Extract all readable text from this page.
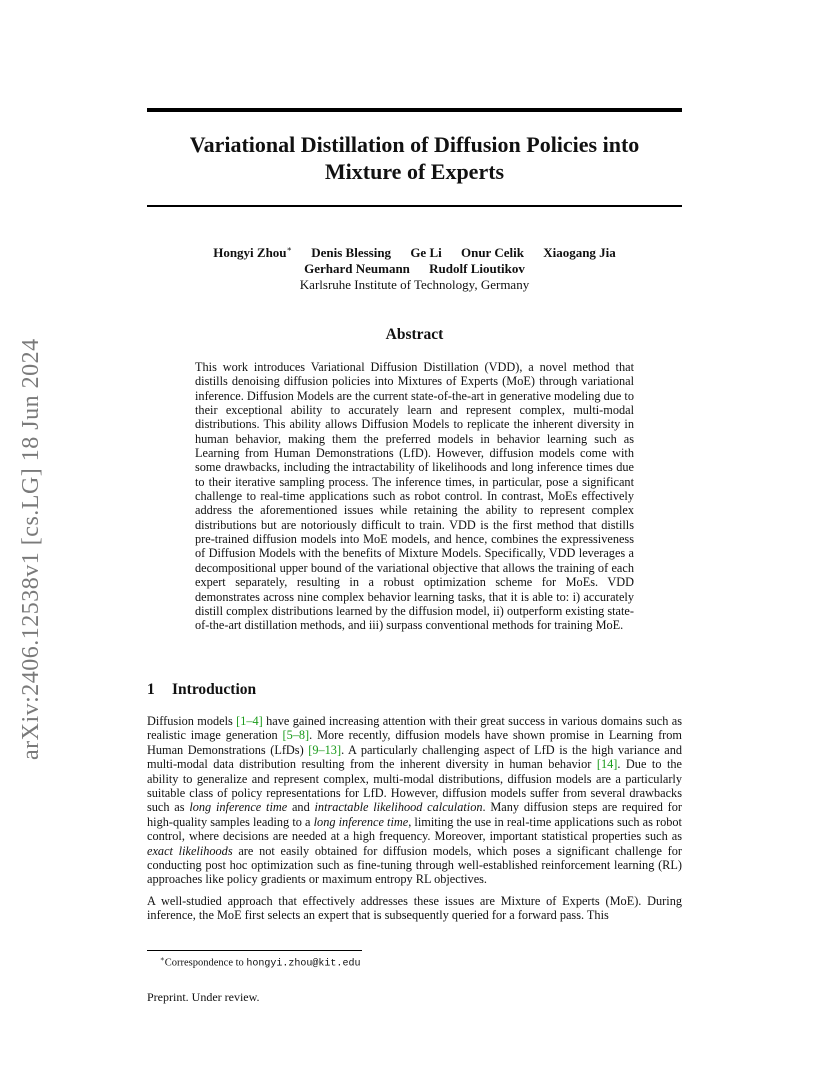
arXiv:2406.12538v1 [cs.LG] 18 Jun 2024
Variational Distillation of Diffusion Policies into
Mixture of Experts
Hongyi Zhou∗ Denis Blessing Ge Li Onur Celik Xiaogang Jia
Gerhard Neumann Rudolf Lioutikov
Karlsruhe Institute of Technology, Germany
Abstract
This work introduces Variational Diffusion Distillation (VDD), a novel method that distills denoising diffusion policies into Mixtures of Experts (MoE) through variational inference. Diffusion Models are the current state-of-the-art in generative modeling due to their exceptional ability to accurately learn and represent complex, multi-modal distributions. This ability allows Diffusion Models to replicate the inherent diversity in human behavior, making them the preferred models in behavior learning such as Learning from Human Demonstrations (LfD). However, diffusion models come with some drawbacks, including the intractability of likelihoods and long inference times due to their iterative sampling process. The inference times, in particular, pose a significant challenge to real-time applications such as robot control. In contrast, MoEs effectively address the aforementioned issues while retaining the ability to represent complex distributions but are notoriously difficult to train. VDD is the first method that distills pre-trained diffusion models into MoE models, and hence, combines the expressiveness of Diffusion Models with the benefits of Mixture Models. Specifically, VDD leverages a decompositional upper bound of the variational objective that allows the training of each expert separately, resulting in a robust optimization scheme for MoEs. VDD demonstrates across nine complex behavior learning tasks, that it is able to: i) accurately distill complex distributions learned by the diffusion model, ii) outperform existing state-of-the-art distillation methods, and iii) surpass conventional methods for training MoE.
1 Introduction

Diffusion models [1–4] have gained increasing attention with their great success in various domains such as realistic image generation [5–8]. More recently, diffusion models have shown promise in Learning from Human Demonstrations (LfDs) [9–13]. A particularly challenging aspect of LfD is the high variance and multi-modal data distribution resulting from the inherent diversity in human behavior [14]. Due to the ability to generalize and represent complex, multi-modal distributions, diffusion models are a particularly suitable class of policy representations for LfD. However, diffusion models suffer from several drawbacks such as long inference time and intractable likelihood calculation. Many diffusion steps are required for high-quality samples leading to a long inference time, limiting the use in real-time applications such as robot control, where decisions are needed at a high frequency. Moreover, important statistical properties such as exact likelihoods are not easily obtained for diffusion models, which poses a significant challenge for conducting post hoc optimization such as fine-tuning through well-established reinforcement learning (RL) approaches like policy gradients or maximum entropy RL objectives.

A well-studied approach that effectively addresses these issues are Mixture of Experts (MoE). During inference, the MoE first selects an expert that is subsequently queried for a forward pass. This

∗Correspondence to hongyi.zhou@kit.edu
Preprint. Under review.
